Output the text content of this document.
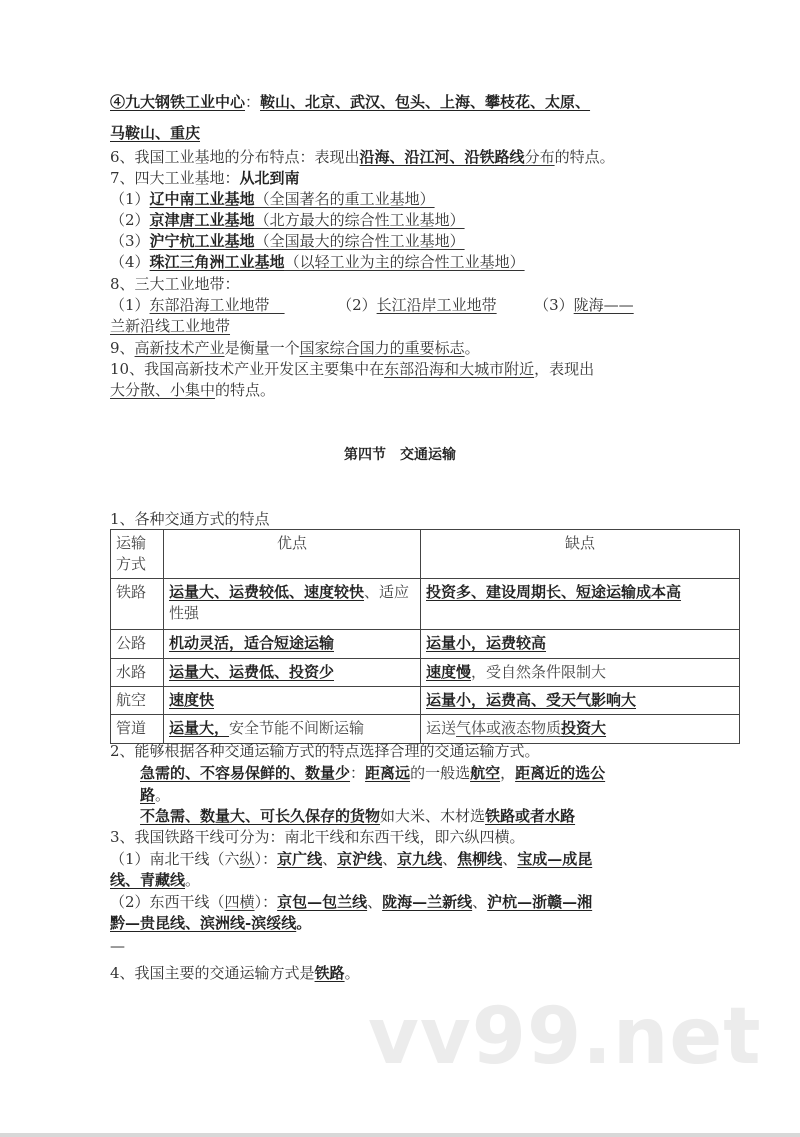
④九大钢铁工业中心：鞍山、北京、武汉、包头、上海、攀枝花、太原、
马鞍山、重庆
6、我国工业基地的分布特点：表现出沿海、沿江河、沿铁路线分布的特点。
7、四大工业基地：从北到南
（1）辽中南工业基地（全国著名的重工业基地）
（2）京津唐工业基地（北方最大的综合性工业基地）
（3）沪宁杭工业基地（全国最大的综合性工业基地）
（4）珠江三角洲工业基地（以轻工业为主的综合性工业基地）
8、三大工业地带：
（1）东部沿海工业地带　　　　　（2）长江沿岸工业地带　　　（3）陇海——
兰新沿线工业地带
9、高新技术产业是衡量一个国家综合国力的重要标志。
10、我国高新技术产业开发区主要集中在东部沿海和大城市附近，表现出
大分散、小集中的特点。
第四节　交通运输
1、各种交通方式的特点
运输方式	优点	缺点
铁路	运量大、运费较低、速度较快、适应性强	投资多、建设周期长、短途运输成本高
公路	机动灵活，适合短途运输	运量小，运费较高
水路	运量大、运费低、投资少	速度慢，受自然条件限制大
航空	速度快	运量小，运费高、受天气影响大
管道	运量大，安全节能不间断运输	运送气体或液态物质投资大
2、能够根据各种交通运输方式的特点选择合理的交通运输方式。
　　急需的、不容易保鲜的、数量少：距离远的一般选航空，距离近的选公
　　路。
　　不急需、数量大、可长久保存的货物如大米、木材选铁路或者水路
3、我国铁路干线可分为：南北干线和东西干线，即六纵四横。
（1）南北干线（六纵）：京广线、京沪线、京九线、焦柳线、宝成—成昆
线、青藏线。
（2）东西干线（四横）：京包—包兰线、陇海—兰新线、沪杭—浙赣—湘
黔—贵昆线、滨洲线-滨绥线。
—
4、我国主要的交通运输方式是铁路。
vv99.net
